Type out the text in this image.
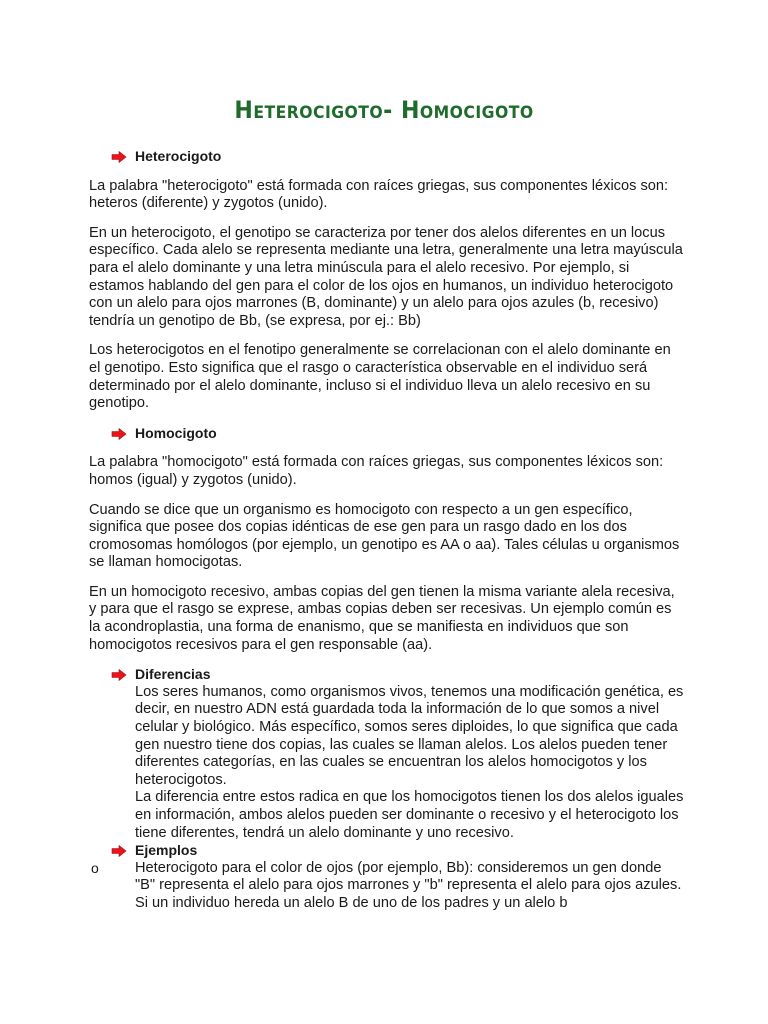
Heterocigoto- Homocigoto
Heterocigoto

La palabra "heterocigoto" está formada con raíces griegas, sus componentes léxicos son: heteros (diferente) y zygotos (unido).

En un heterocigoto, el genotipo se caracteriza por tener dos alelos diferentes en un locus específico. Cada alelo se representa mediante una letra, generalmente una letra mayúscula para el alelo dominante y una letra minúscula para el alelo recesivo. Por ejemplo, si estamos hablando del gen para el color de los ojos en humanos, un individuo heterocigoto con un alelo para ojos marrones (B, dominante) y un alelo para ojos azules (b, recesivo) tendría un genotipo de Bb, (se expresa, por ej.: Bb)

Los heterocigotos en el fenotipo generalmente se correlacionan con el alelo dominante en el genotipo. Esto significa que el rasgo o característica observable en el individuo será determinado por el alelo dominante, incluso si el individuo lleva un alelo recesivo en su genotipo.

Homocigoto

La palabra "homocigoto" está formada con raíces griegas, sus componentes léxicos son: homos (igual) y zygotos (unido).

Cuando se dice que un organismo es homocigoto con respecto a un gen específico, significa que posee dos copias idénticas de ese gen para un rasgo dado en los dos cromosomas homólogos (por ejemplo, un genotipo es AA o aa). Tales células u organismos se llaman homocigotas.

En un homocigoto recesivo, ambas copias del gen tienen la misma variante alela recesiva, y para que el rasgo se exprese, ambas copias deben ser recesivas. Un ejemplo común es la acondroplastia, una forma de enanismo, que se manifiesta en individuos que son homocigotos recesivos para el gen responsable (aa).

Diferencias
Los seres humanos, como organismos vivos, tenemos una modificación genética, es decir, en nuestro ADN está guardada toda la información de lo que somos a nivel celular y biológico. Más específico, somos seres diploides, lo que significa que cada gen nuestro tiene dos copias, las cuales se llaman alelos. Los alelos pueden tener diferentes categorías, en las cuales se encuentran los alelos homocigotos y los heterocigotos.
La diferencia entre estos radica en que los homocigotos tienen los dos alelos iguales en información, ambos alelos pueden ser dominante o recesivo y el heterocigoto los tiene diferentes, tendrá un alelo dominante y uno recesivo.
Ejemplos
o Heterocigoto para el color de ojos (por ejemplo, Bb): consideremos un gen donde "B" representa el alelo para ojos marrones y "b" representa el alelo para ojos azules. Si un individuo hereda un alelo B de uno de los padres y un alelo b
